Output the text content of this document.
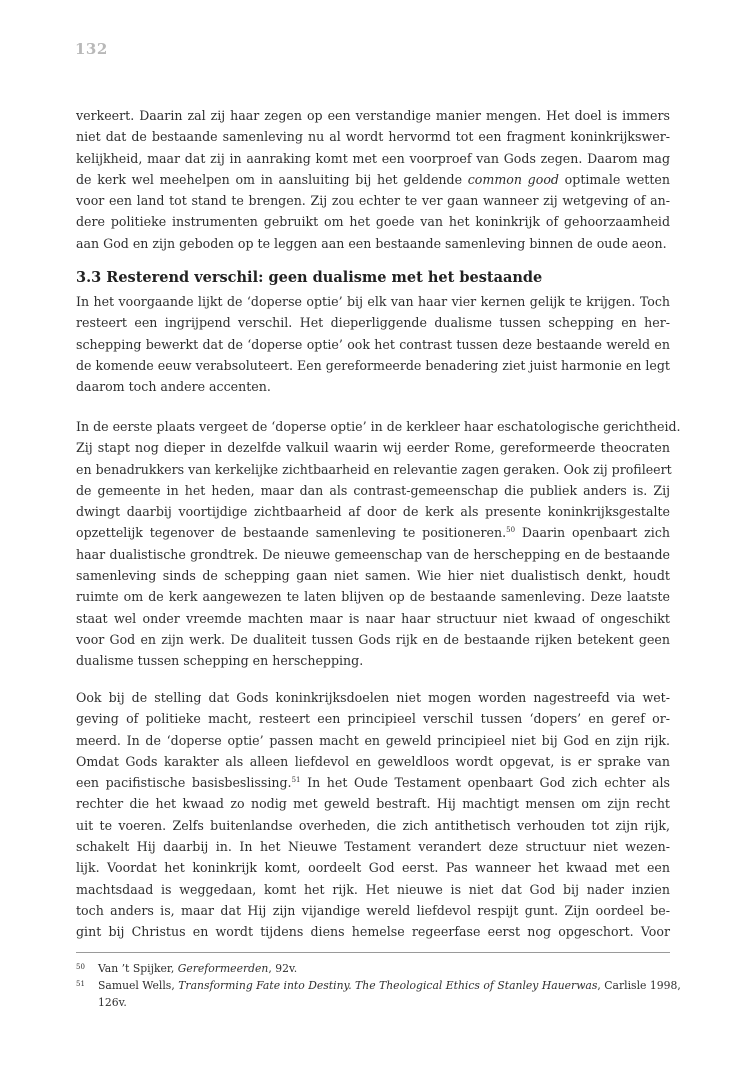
132
verkeert. Daarin zal zij haar zegen op een verstandige manier mengen. Het doel is immers
niet dat de bestaande samenleving nu al wordt hervormd tot een fragment koninkrijkswer-
kelijkheid, maar dat zij in aanraking komt met een voorproef van Gods zegen. Daarom mag
de kerk wel meehelpen om in aansluiting bij het geldende common good optimale wetten
voor een land tot stand te brengen. Zij zou echter te ver gaan wanneer zij wetgeving of an-
dere politieke instrumenten gebruikt om het goede van het koninkrijk of gehoorzaamheid
aan God en zijn geboden op te leggen aan een bestaande samenleving binnen de oude aeon.
3.3 Resterend verschil: geen dualisme met het bestaande
In het voorgaande lijkt de ‘doperse optie’ bij elk van haar vier kernen gelijk te krijgen. Toch
resteert een ingrijpend verschil. Het dieperliggende dualisme tussen schepping en her-
schepping bewerkt dat de ‘doperse optie’ ook het contrast tussen deze bestaande wereld en
de komende eeuw verabsoluteert. Een gereformeerde benadering ziet juist harmonie en legt
daarom toch andere accenten.
In de eerste plaats vergeet de ‘doperse optie’ in de kerkleer haar eschatologische gerichtheid.
Zij stapt nog dieper in dezelfde valkuil waarin wij eerder Rome, gereformeerde theocraten
en benadrukkers van kerkelijke zichtbaarheid en relevantie zagen geraken. Ook zij profileert
de gemeente in het heden, maar dan als contrast-gemeenschap die publiek anders is. Zij
dwingt daarbij voortijdige zichtbaarheid af door de kerk als presente koninkrijksgestalte
opzettelijk tegenover de bestaande samenleving te positioneren.$^{50}$ Daarin openbaart zich
haar dualistische grondtrek. De nieuwe gemeenschap van de herschepping en de bestaande
samenleving sinds de schepping gaan niet samen. Wie hier niet dualistisch denkt, houdt
ruimte om de kerk aangewezen te laten blijven op de bestaande samenleving. Deze laatste
staat wel onder vreemde machten maar is naar haar structuur niet kwaad of ongeschikt
voor God en zijn werk. De dualiteit tussen Gods rijk en de bestaande rijken betekent geen
dualisme tussen schepping en herschepping.
Ook bij de stelling dat Gods koninkrijksdoelen niet mogen worden nagestreefd via wet-
geving of politieke macht, resteert een principieel verschil tussen ‘dopers’ en geref or-
meerd. In de ‘doperse optie’ passen macht en geweld principieel niet bij God en zijn rijk.
Omdat Gods karakter als alleen liefdevol en geweldloos wordt opgevat, is er sprake van
een pacifistische basisbeslissing.$^{51}$ In het Oude Testament openbaart God zich echter als
rechter die het kwaad zo nodig met geweld bestraft. Hij machtigt mensen om zijn recht
uit te voeren. Zelfs buitenlandse overheden, die zich antithetisch verhouden tot zijn rijk,
schakelt Hij daarbij in. In het Nieuwe Testament verandert deze structuur niet wezen-
lijk. Voordat het koninkrijk komt, oordeelt God eerst. Pas wanneer het kwaad met een
machtsdaad is weggedaan, komt het rijk. Het nieuwe is niet dat God bij nader inzien
toch anders is, maar dat Hij zijn vijandige wereld liefdevol respijt gunt. Zijn oordeel be-
gint bij Christus en wordt tijdens diens hemelse regeerfase eerst nog opgeschort. Voor
50 Van ’t Spijker, Gereformeerden, 92v.
51 Samuel Wells, Transforming Fate into Destiny. The Theological Ethics of Stanley Hauerwas, Carlisle 1998,
126v.
